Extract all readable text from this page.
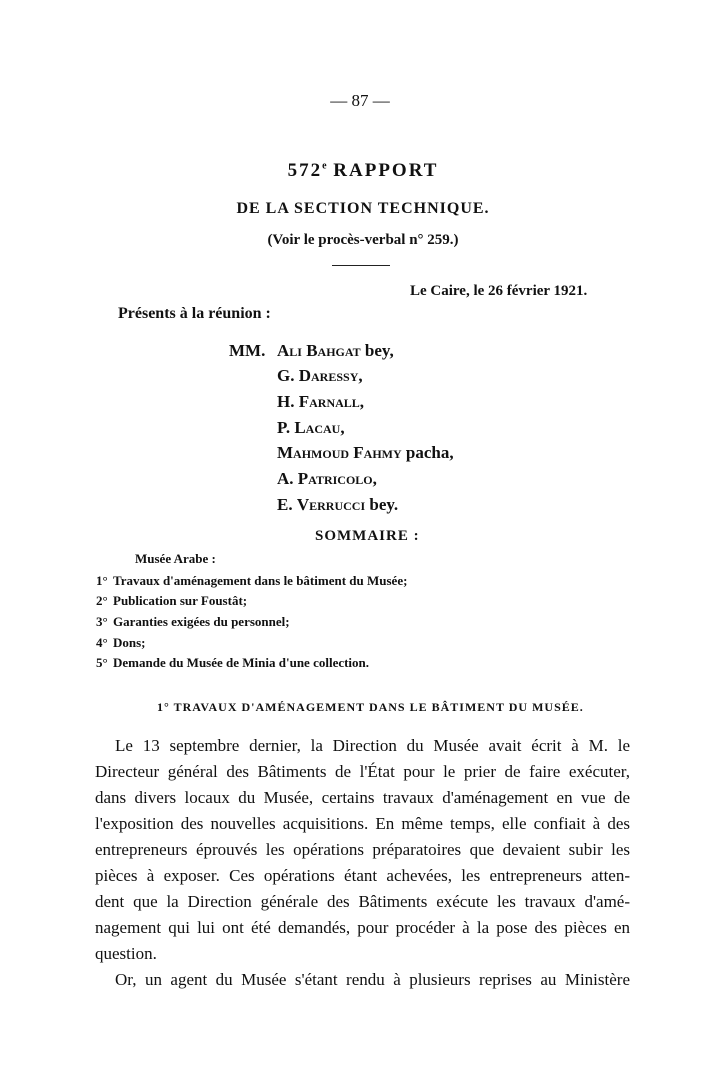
— 87 —
572e RAPPORT
DE LA SECTION TECHNIQUE.
(Voir le procès-verbal n° 259.)
Le Caire, le 26 février 1921.
Présents à la réunion :
MM. Ali Bahgat bey,
G. Daressy,
H. Farnall,
P. Lacau,
Mahmoud Fahmy pacha,
A. Patricolo,
E. Verrucci bey.
SOMMAIRE :
Musée Arabe :
1° Travaux d'aménagement dans le bâtiment du Musée;
2° Publication sur Foustât;
3° Garanties exigées du personnel;
4° Dons;
5° Demande du Musée de Minia d'une collection.
1° TRAVAUX D'AMÉNAGEMENT DANS LE BÂTIMENT DU MUSÉE.
Le 13 septembre dernier, la Direction du Musée avait écrit à M. le
Directeur général des Bâtiments de l'État pour le prier de faire exécuter,
dans divers locaux du Musée, certains travaux d'aménagement en vue de
l'exposition des nouvelles acquisitions. En même temps, elle confiait à des
entrepreneurs éprouvés les opérations préparatoires que devaient subir les
pièces à exposer. Ces opérations étant achevées, les entrepreneurs atten-
dent que la Direction générale des Bâtiments exécute les travaux d'amé-
nagement qui lui ont été demandés, pour procéder à la pose des pièces en
question.
Or, un agent du Musée s'étant rendu à plusieurs reprises au Ministère
